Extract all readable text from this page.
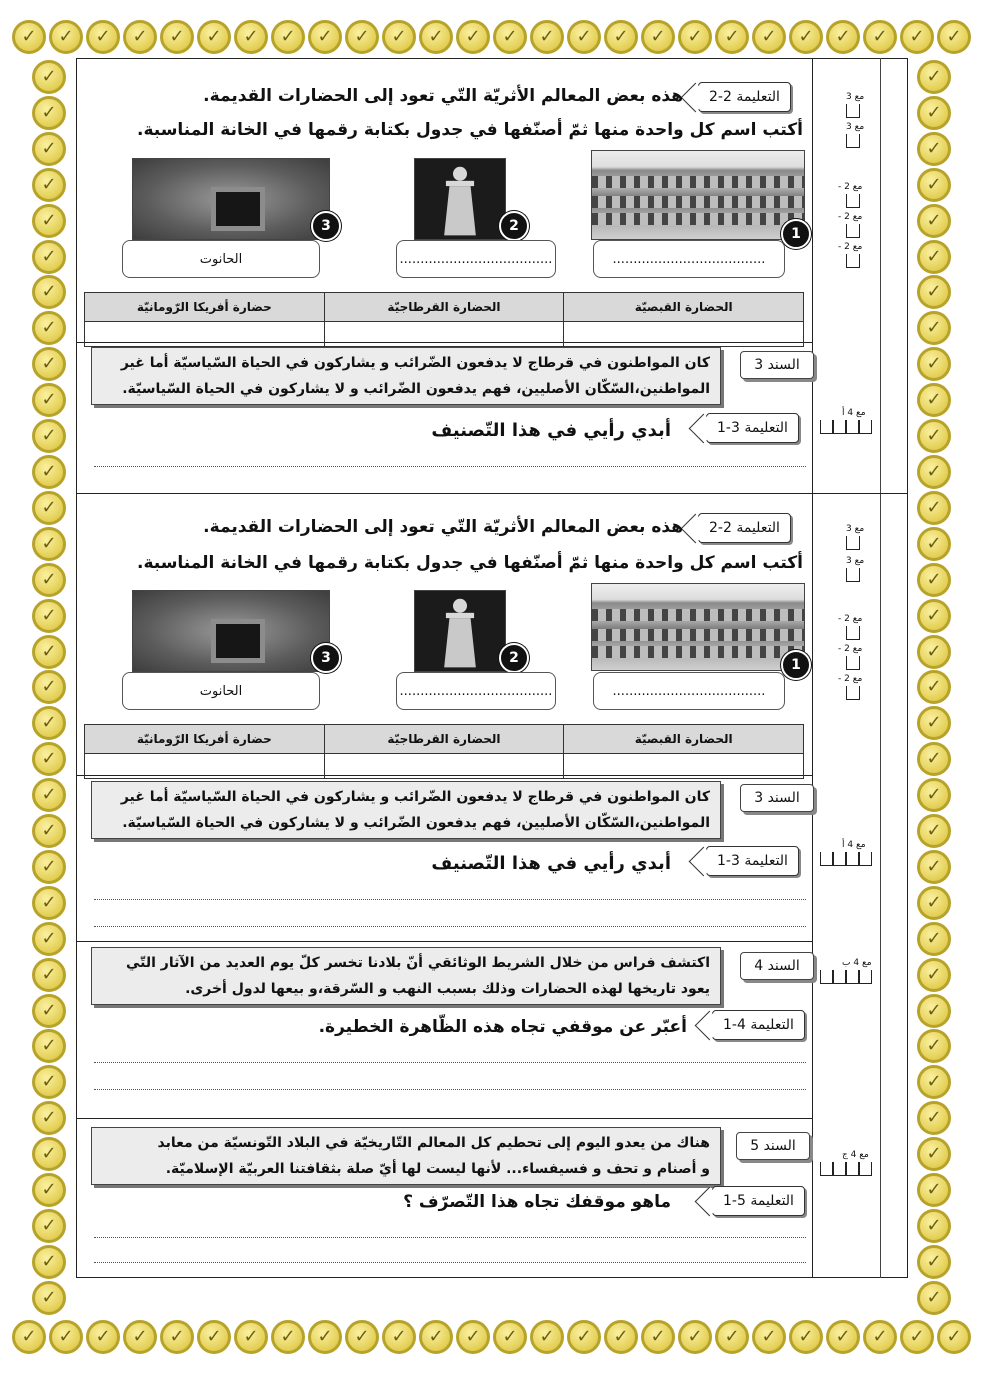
✓	✓	✓	✓	✓	✓	✓	✓	✓	✓	✓	✓	✓	✓	✓	✓	✓	✓	✓	✓	✓	✓	✓	✓	✓	✓
✓	✓	✓	✓	✓	✓	✓	✓	✓	✓	✓	✓	✓	✓	✓	✓	✓	✓	✓	✓	✓	✓	✓	✓	✓	✓
✓
✓
✓
✓
✓
✓
✓
✓
✓
✓
✓
✓
✓
✓
✓
✓
✓
✓
✓
✓
✓
✓
✓
✓
✓
✓
✓
✓
✓
✓
✓
✓
✓
✓
✓
✓
✓
✓
✓
✓
✓
✓
✓
✓
✓
✓
✓
✓
✓
✓
✓
✓
✓
✓
✓
✓
✓
✓
✓
✓
✓
✓
✓
✓
✓
✓
✓
✓
✓
✓
التعليمة 2-2
هذه بعض المعالم الأثريّة التّي تعود إلى الحضارات القديمة.
أكتب اسم كل واحدة منها ثمّ أصنّفها في جدول بكتابة رقمها في الخانة المناسبة.
3	2	1
الحانوت	.....................................	.....................................
حضارة أفريكا الرّومانيّة	الحضارة القرطاجيّة	الحضارة القبصيّة

كان المواطنون في قرطاج لا يدفعون الضّرائب و يشاركون في الحياة السّياسيّة أما غير
المواطنين،السّكّان الأصليين، فهم يدفعون الضّرائب و لا يشاركون في الحياة السّياسيّة.
السند 3
التعليمة 3-1
أبدي رأيي في هذا التّصنيف
مع 3
مع 3
مع 2 -
مع 2 -
مع 2 -
مع 4 أ
التعليمة 2-2
هذه بعض المعالم الأثريّة التّي تعود إلى الحضارات القديمة.
أكتب اسم كل واحدة منها ثمّ أصنّفها في جدول بكتابة رقمها في الخانة المناسبة.
3	2	1
الحانوت	.....................................	.....................................
حضارة أفريكا الرّومانيّة	الحضارة القرطاجيّة	الحضارة القبصيّة

كان المواطنون في قرطاج لا يدفعون الضّرائب و يشاركون في الحياة السّياسيّة أما غير
المواطنين،السّكّان الأصليين، فهم يدفعون الضّرائب و لا يشاركون في الحياة السّياسيّة.
السند 3
التعليمة 3-1
أبدي رأيي في هذا التّصنيف
مع 3
مع 3
مع 2 -
مع 2 -
مع 2 -
مع 4 أ
اكتشف فراس من خلال الشريط الوثائقي أنّ بلادنا تخسر كلّ يوم العديد من الآثار التّي
يعود تاريخها لهذه الحضارات وذلك بسبب النهب و السّرقة،و بيعها لدول أخرى.
السند 4	مع 4 ب
التعليمة 4-1
أعبّر عن موقفي تجاه هذه الظّاهرة الخطيرة.
هناك من يعدو اليوم إلى تحطيم كل المعالم التّاريخيّة في البلاد التّونسيّة من معابد
و أصنام و تحف و فسيفساء... لأنها ليست لها أيّ صلة بثقافتنا العربيّة الإسلاميّة.
السند 5
مع 4 ج
التعليمة 5-1
ماهو موقفك تجاه هذا التّصرّف ؟
